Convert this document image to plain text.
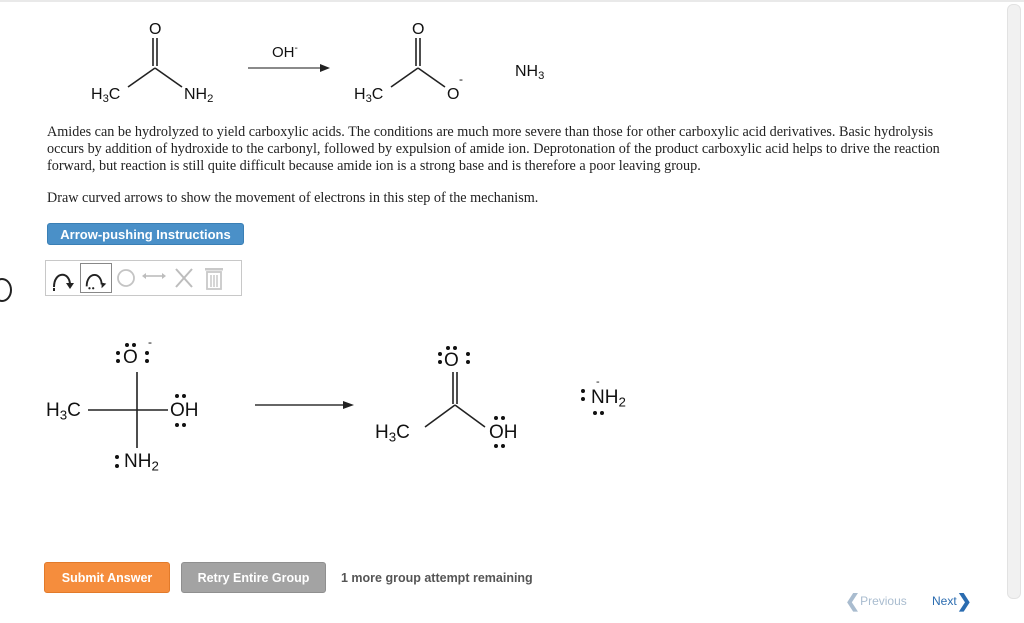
O
$H_3C$	$NH_2$
OH-
O
$H_3C$	O
-	$NH_3$
Amides can be hydrolyzed to yield carboxylic acids. The conditions are much more severe than those for other carboxylic acid derivatives. Basic hydrolysis occurs by addition of hydroxide to the carbonyl, followed by expulsion of amide ion. Deprotonation of the product carboxylic acid helps to drive the reaction forward, but reaction is still quite difficult because amide ion is a strong base and is therefore a poor leaving group.
Draw curved arrows to show the movement of electrons in this step of the mechanism.
Arrow-pushing Instructions
O
-
$H_3C$	OH
$NH_2$
O
$H_3C$	OH
$NH_2$
-
Submit Answer	Retry Entire Group	1 more group attempt remaining
❮Previous Next❯
